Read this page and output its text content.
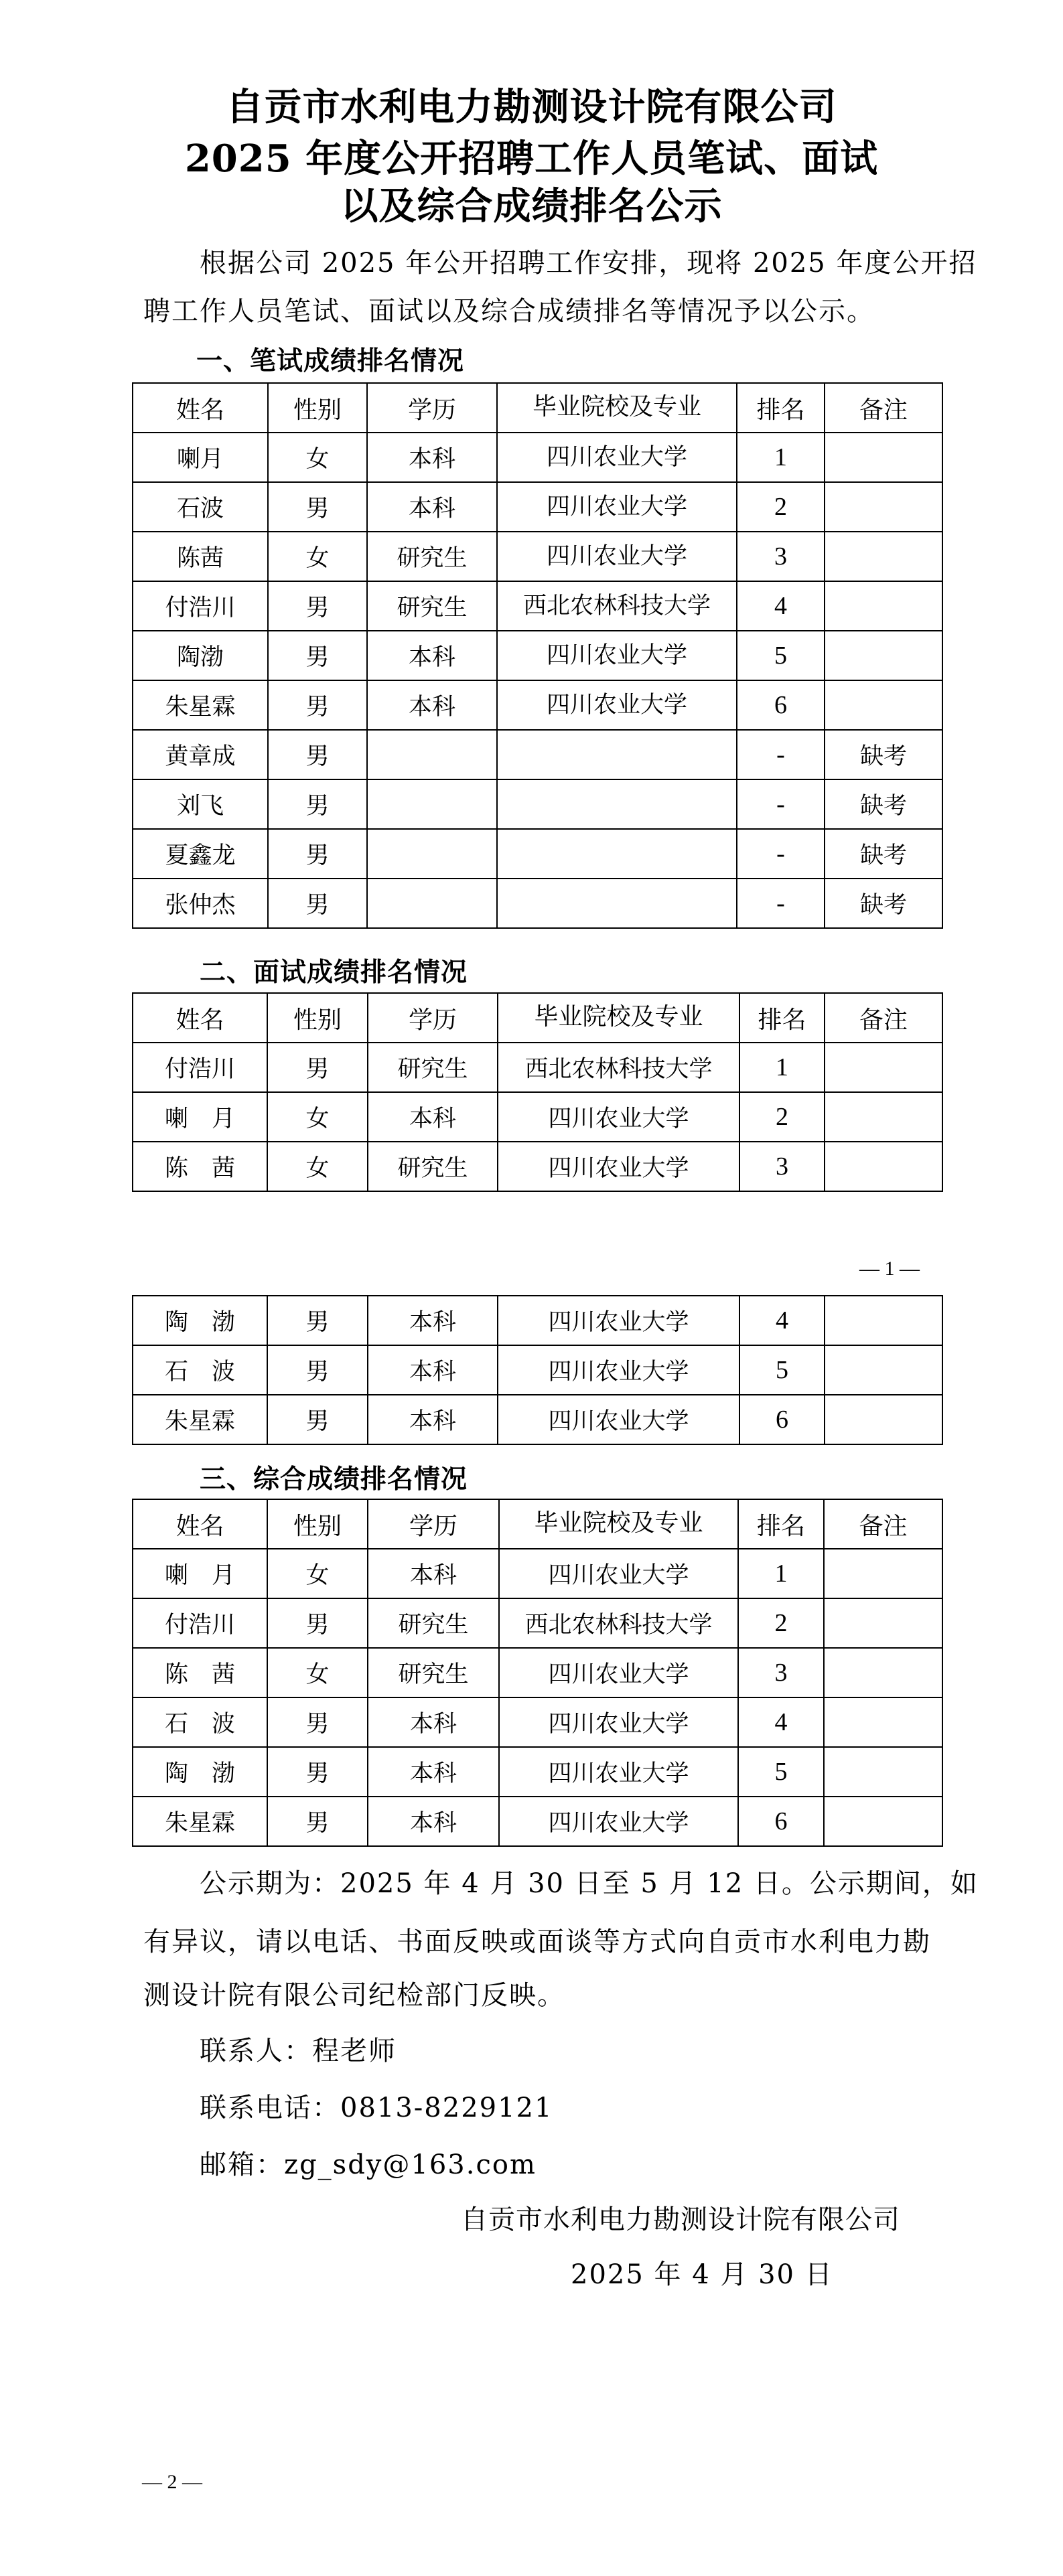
自贡市水利电力勘测设计院有限公司
2025 年度公开招聘工作人员笔试、面试
以及综合成绩排名公示
根据公司 2025 年公开招聘工作安排，现将 2025 年度公开招
聘工作人员笔试、面试以及综合成绩排名等情况予以公示。
一、笔试成绩排名情况
姓名	性别	学历	毕业院校及专业	排名	备注
喇月	女	本科	四川农业大学	1	
石波	男	本科	四川农业大学	2	
陈茜	女	研究生	四川农业大学	3	
付浩川	男	研究生	西北农林科技大学	4	
陶渤	男	本科	四川农业大学	5	
朱星霖	男	本科	四川农业大学	6	
黄章成	男			-	缺考
刘飞	男			-	缺考
夏鑫龙	男			-	缺考
张仲杰	男			-	缺考
二、面试成绩排名情况
姓名	性别	学历	毕业院校及专业	排名	备注
付浩川	男	研究生	西北农林科技大学	1	
喇　月	女	本科	四川农业大学	2	
陈　茜	女	研究生	四川农业大学	3	
— 1 —
陶　渤	男	本科	四川农业大学	4	
石　波	男	本科	四川农业大学	5	
朱星霖	男	本科	四川农业大学	6	
三、综合成绩排名情况
姓名	性别	学历	毕业院校及专业	排名	备注
喇　月	女	本科	四川农业大学	1	
付浩川	男	研究生	西北农林科技大学	2	
陈　茜	女	研究生	四川农业大学	3	
石　波	男	本科	四川农业大学	4	
陶　渤	男	本科	四川农业大学	5	
朱星霖	男	本科	四川农业大学	6	
公示期为：2025 年 4 月 30 日至 5 月 12 日。公示期间，如
有异议，请以电话、书面反映或面谈等方式向自贡市水利电力勘
测设计院有限公司纪检部门反映。
联系人：程老师
联系电话：0813-8229121
邮箱：zg_sdy@163.com
自贡市水利电力勘测设计院有限公司
2025 年 4 月 30 日
— 2 —
